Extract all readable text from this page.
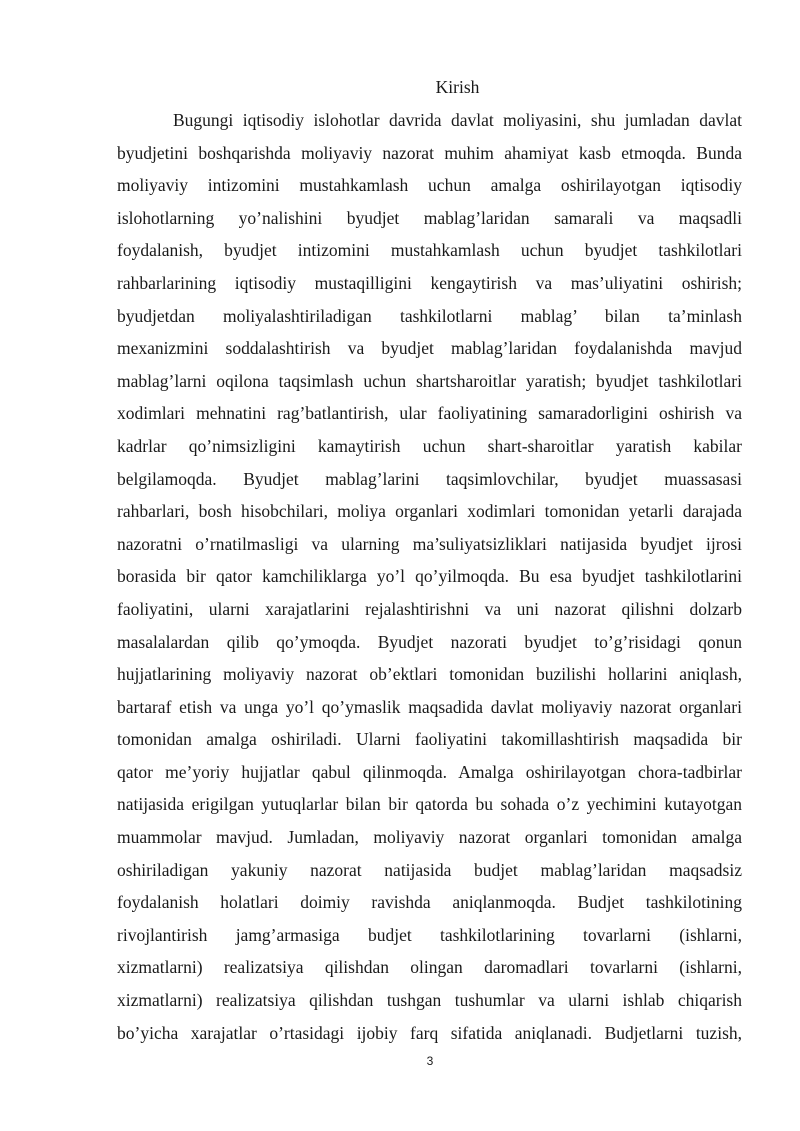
Kirish
Bugungi iqtisodiy islohotlar davrida davlat moliyasini, shu jumladan davlat
byudjetini boshqarishda moliyaviy nazorat muhim ahamiyat kasb etmoqda. Bunda
moliyaviy intizomini mustahkamlash uchun amalga oshirilayotgan iqtisodiy
islohotlarning yo’nalishini byudjet mablag’laridan samarali va maqsadli
foydalanish, byudjet intizomini mustahkamlash uchun byudjet tashkilotlari
rahbarlarining iqtisodiy mustaqilligini kengaytirish va mas’uliyatini oshirish;
byudjetdan moliyalashtiriladigan tashkilotlarni mablag’ bilan ta’minlash
mexanizmini soddalashtirish va byudjet mablag’laridan foydalanishda mavjud
mablag’larni oqilona taqsimlash uchun shartsharoitlar yaratish; byudjet tashkilotlari
xodimlari mehnatini rag’batlantirish, ular faoliyatining samaradorligini oshirish va
kadrlar qo’nimsizligini kamaytirish uchun shart-sharoitlar yaratish kabilar
belgilamoqda. Byudjet mablag’larini taqsimlovchilar, byudjet muassasasi
rahbarlari, bosh hisobchilari, moliya organlari xodimlari tomonidan yetarli darajada
nazoratni o’rnatilmasligi va ularning ma’suliyatsizliklari natijasida byudjet ijrosi
borasida bir qator kamchiliklarga yo’l qo’yilmoqda. Bu esa byudjet tashkilotlarini
faoliyatini, ularni xarajatlarini rejalashtirishni va uni nazorat qilishni dolzarb
masalalardan qilib qo’ymoqda. Byudjet nazorati byudjet to’g’risidagi qonun
hujjatlarining moliyaviy nazorat ob’ektlari tomonidan buzilishi hollarini aniqlash,
bartaraf etish va unga yo’l qo’ymaslik maqsadida davlat moliyaviy nazorat organlari
tomonidan amalga oshiriladi. Ularni faoliyatini takomillashtirish maqsadida bir
qator me’yoriy hujjatlar qabul qilinmoqda. Amalga oshirilayotgan chora-tadbirlar
natijasida erigilgan yutuqlarlar bilan bir qatorda bu sohada o’z yechimini kutayotgan
muammolar mavjud. Jumladan, moliyaviy nazorat organlari tomonidan amalga
oshiriladigan yakuniy nazorat natijasida budjet mablag’laridan maqsadsiz
foydalanish holatlari doimiy ravishda aniqlanmoqda. Budjet tashkilotining
rivojlantirish jamg’armasiga budjet tashkilotlarining tovarlarni (ishlarni,
xizmatlarni) realizatsiya qilishdan olingan daromadlari tovarlarni (ishlarni,
xizmatlarni) realizatsiya qilishdan tushgan tushumlar va ularni ishlab chiqarish
bo’yicha xarajatlar o’rtasidagi ijobiy farq sifatida aniqlanadi. Budjetlarni tuzish,
3
